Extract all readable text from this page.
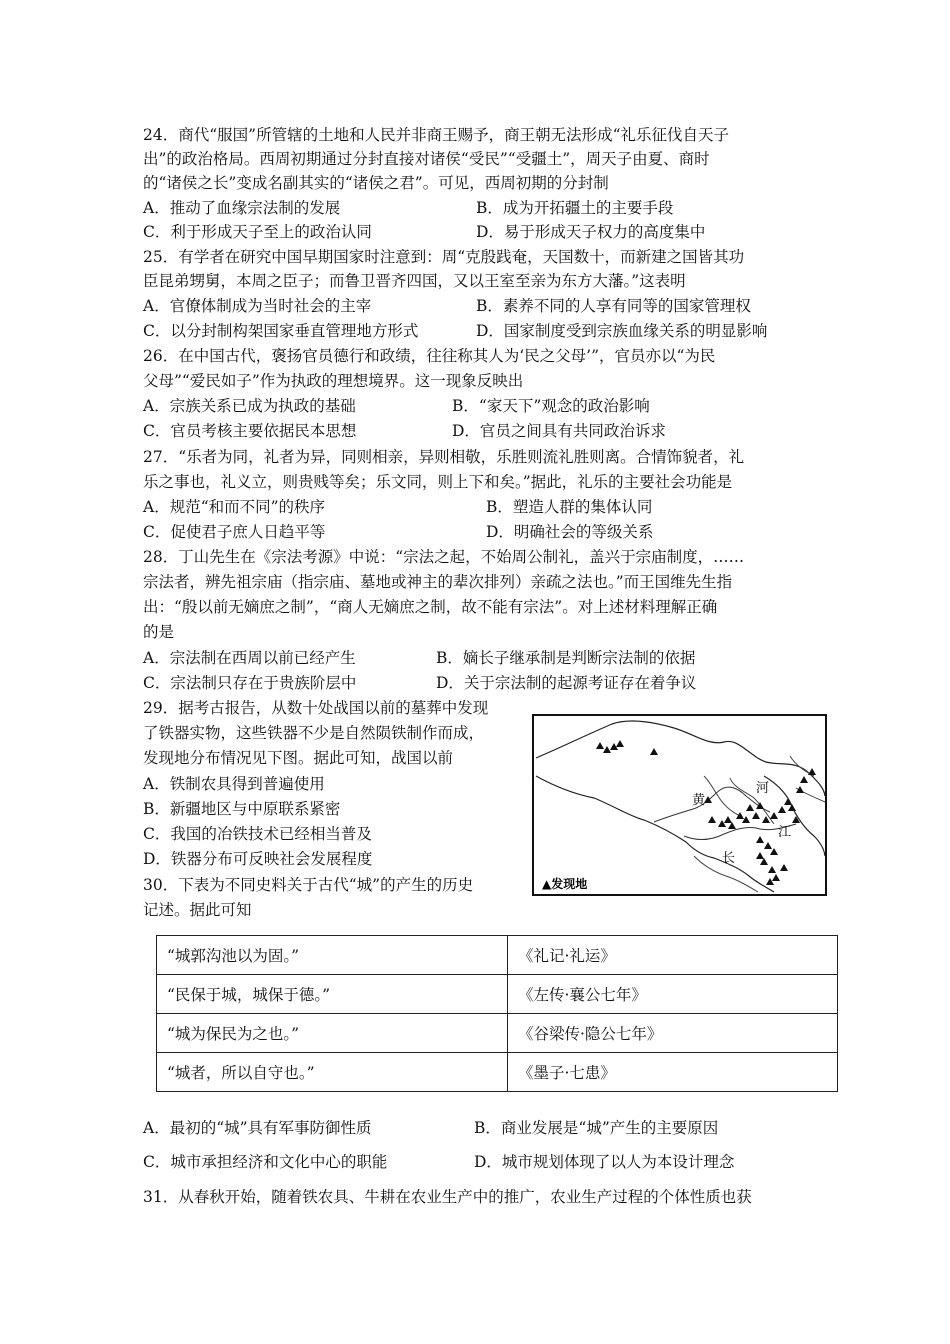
24．商代“服国”所管辖的土地和人民并非商王赐予，商王朝无法形成“礼乐征伐自天子
出”的政治格局。西周初期通过分封直接对诸侯“受民”“受疆土”，周天子由夏、商时
的“诸侯之长”变成名副其实的“诸侯之君”。可见，西周初期的分封制
A．推动了血缘宗法制的发展	B．成为开拓疆土的主要手段
C．利于形成天子至上的政治认同	D．易于形成天子权力的高度集中
25．有学者在研究中国早期国家时注意到：周“克殷践奄，天国数十，而新建之国皆其功
臣昆弟甥舅，本周之臣子；而鲁卫晋齐四国，又以王室至亲为东方大藩。”这表明
A．官僚体制成为当时社会的主宰	B．素养不同的人享有同等的国家管理权
C．以分封制构架国家垂直管理地方形式	D．国家制度受到宗族血缘关系的明显影响
26．在中国古代，褒扬官员德行和政绩，往往称其人为‘民之父母’”，官员亦以“为民
父母”“爱民如子”作为执政的理想境界。这一现象反映出
A．宗族关系已成为执政的基础	B．“家天下”观念的政治影响
C．官员考核主要依据民本思想	D．官员之间具有共同政治诉求
27．“乐者为同，礼者为异，同则相亲，异则相敬，乐胜则流礼胜则离。合情饰貌者，礼
乐之事也，礼义立，则贵贱等矣；乐文同，则上下和矣。”据此，礼乐的主要社会功能是
A．规范“和而不同”的秩序	B．塑造人群的集体认同
C．促使君子庶人日趋平等	D．明确社会的等级关系
28．丁山先生在《宗法考源》中说：“宗法之起，不始周公制礼，盖兴于宗庙制度，……
宗法者，辨先祖宗庙（指宗庙、墓地或神主的辈次排列）亲疏之法也。”而王国维先生指
出：“殷以前无嫡庶之制”，“商人无嫡庶之制，故不能有宗法”。对上述材料理解正确
的是
A．宗法制在西周以前已经产生	B．嫡长子继承制是判断宗法制的依据
C．宗法制只存在于贵族阶层中	D．关于宗法制的起源考证存在着争议
29．据考古报告，从数十处战国以前的墓葬中发现
了铁器实物，这些铁器不少是自然陨铁制作而成，
发现地分布情况见下图。据此可知，战国以前
A．铁制农具得到普遍使用
B．新疆地区与中原联系紧密
C．我国的冶铁技术已经相当普及
D．铁器分布可反映社会发展程度
黄
河
长
江
▲发现地
30．下表为不同史料关于古代“城”的产生的历史
记述。据此可知
“城郭沟池以为固。”	《礼记·礼运》
“民保于城，城保于德。”	《左传·襄公七年》
“城为保民为之也。”	《谷梁传·隐公七年》
“城者，所以自守也。”	《墨子·七患》
A．最初的“城”具有军事防御性质	B．商业发展是“城”产生的主要原因
C．城市承担经济和文化中心的职能	D．城市规划体现了以人为本设计理念
31．从春秋开始，随着铁农具、牛耕在农业生产中的推广，农业生产过程的个体性质也获
